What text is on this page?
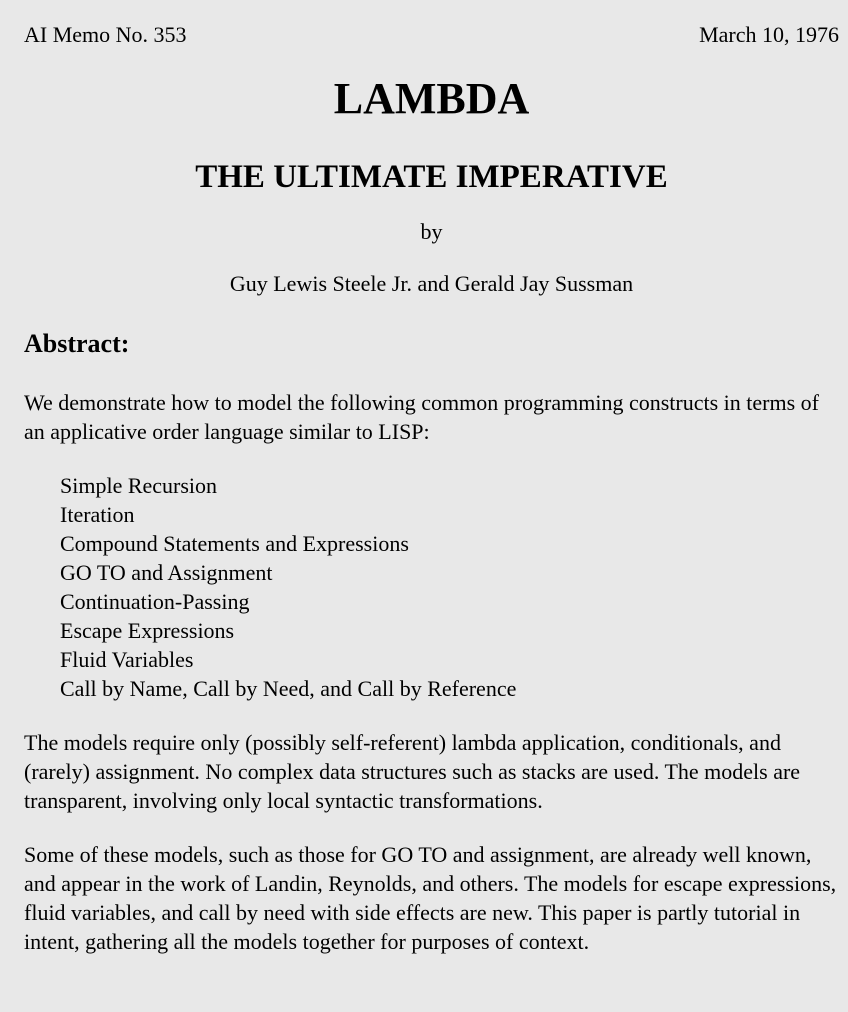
AI Memo No. 353	March 10, 1976
LAMBDA
THE ULTIMATE IMPERATIVE

by

Guy Lewis Steele Jr. and Gerald Jay Sussman

Abstract:

We demonstrate how to model the following common programming constructs in terms of an applicative order language similar to LISP:

Simple Recursion
Iteration
Compound Statements and Expressions
GO TO and Assignment
Continuation-Passing
Escape Expressions
Fluid Variables
Call by Name, Call by Need, and Call by Reference

The models require only (possibly self-referent) lambda application, conditionals, and (rarely) assignment. No complex data structures such as stacks are used. The models are transparent, involving only local syntactic transformations.

Some of these models, such as those for GO TO and assignment, are already well known, and appear in the work of Landin, Reynolds, and others. The models for escape expressions, fluid variables, and call by need with side effects are new. This paper is partly tutorial in intent, gathering all the models together for purposes of context.
